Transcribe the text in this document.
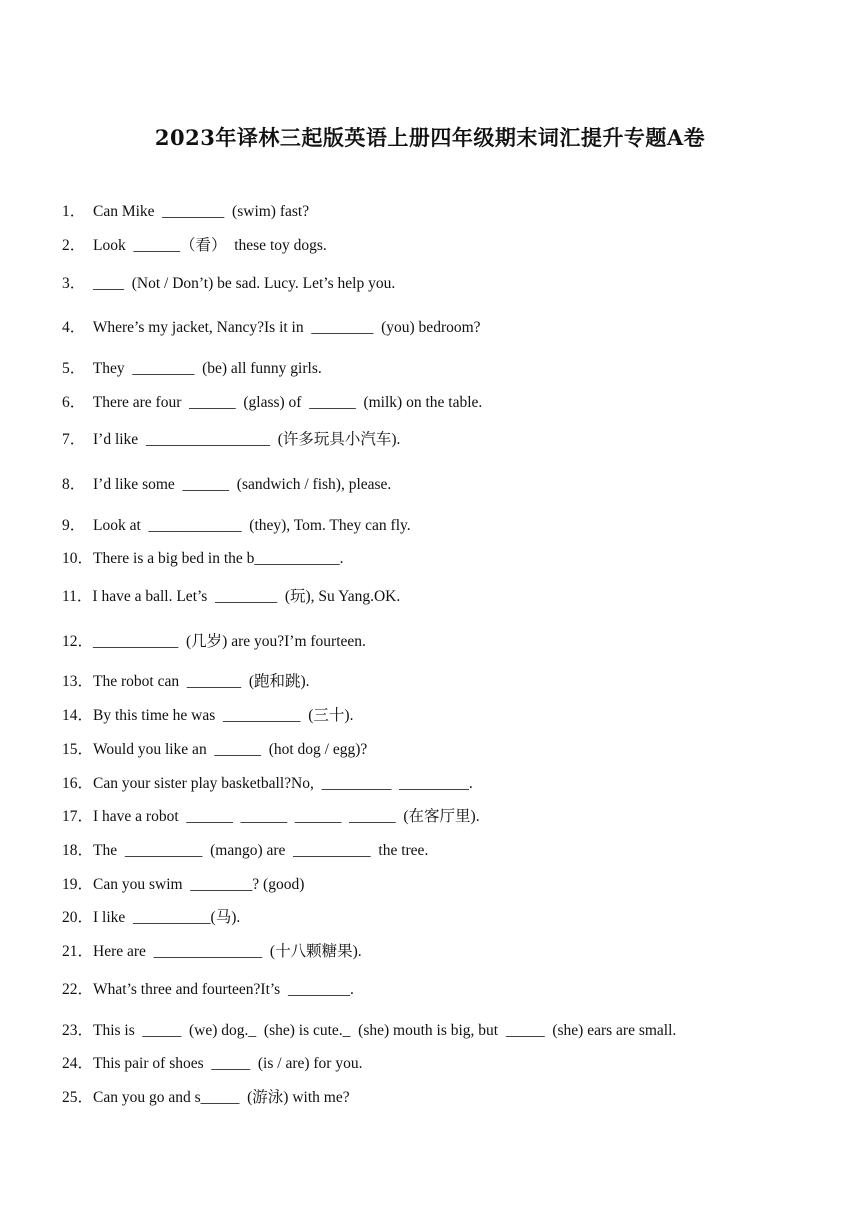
2023年译林三起版英语上册四年级期末词汇提升专题A卷
1．  Can Mike  ________  (swim) fast?
2．  Look  ______（看）  these toy dogs.
3．  ____  (Not / Don’t) be sad. Lucy. Let’s help you.
4．  Where’s my jacket, Nancy?Is it in  ________  (you) bedroom?
5．  They  ________  (be) all funny girls.
6．  There are four  ______  (glass) of  ______  (milk) on the table.
7．  I’d like  ________________  (许多玩具小汽车).
8．  I’d like some  ______  (sandwich / fish), please.
9．  Look at  ____________  (they), Tom. They can fly.
10．There is a big bed in the b___________.
11．I have a ball. Let’s  ________  (玩), Su Yang.OK.
12．___________  (几岁) are you?I’m fourteen.
13．The robot can  _______  (跑和跳).
14．By this time he was  __________  (三十).
15．Would you like an  ______  (hot dog / egg)?
16．Can your sister play basketball?No,  _________  _________.
17．I have a robot  ______  ______  ______  ______  (在客厅里).
18．The  __________  (mango) are  __________  the tree.
19．Can you swim  ________? (good)
20．I like  __________(马).
21．Here are  ______________  (十八颗糖果).
22．What’s three and fourteen?It’s  ________.
23．This is  _____  (we) dog._  (she) is cute._  (she) mouth is big, but  _____  (she) ears are small.
24．This pair of shoes  _____  (is / are) for you.
25．Can you go and s_____  (游泳) with me?
